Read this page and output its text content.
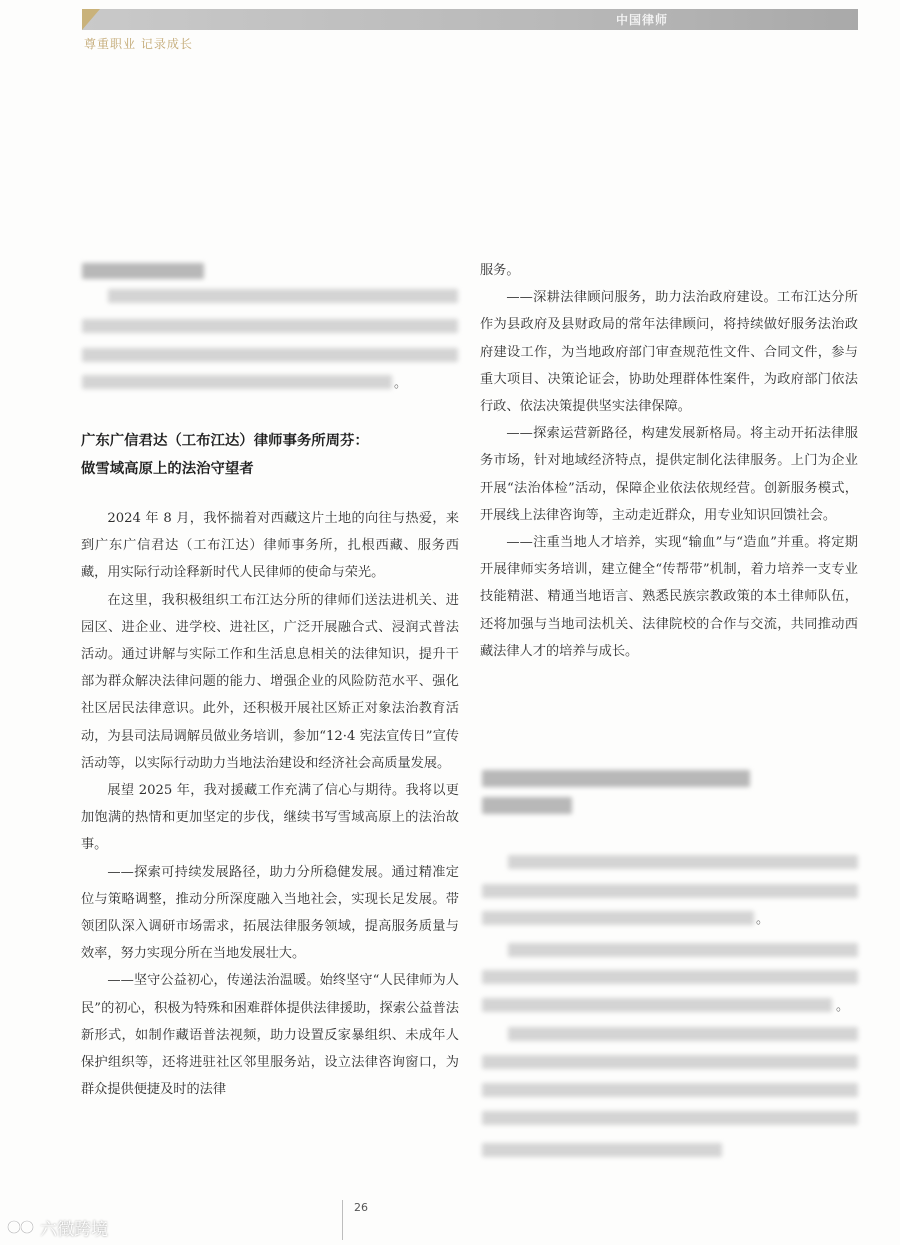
中国律师
尊重职业 记录成长
。
广东广信君达（工布江达）律师事务所周芬：
做雪域高原上的法治守望者

2024 年 8 月，我怀揣着对西藏这片土地的向往与热爱，来到广东广信君达（工布江达）律师事务所，扎根西藏、服务西藏，用实际行动诠释新时代人民律师的使命与荣光。

在这里，我积极组织工布江达分所的律师们送法进机关、进园区、进企业、进学校、进社区，广泛开展融合式、浸润式普法活动。通过讲解与实际工作和生活息息相关的法律知识，提升干部为群众解决法律问题的能力、增强企业的风险防范水平、强化社区居民法律意识。此外，还积极开展社区矫正对象法治教育活动，为县司法局调解员做业务培训，参加“12·4 宪法宣传日”宣传活动等，以实际行动助力当地法治建设和经济社会高质量发展。

展望 2025 年，我对援藏工作充满了信心与期待。我将以更加饱满的热情和更加坚定的步伐，继续书写雪域高原上的法治故事。

——探索可持续发展路径，助力分所稳健发展。通过精准定位与策略调整，推动分所深度融入当地社会，实现长足发展。带领团队深入调研市场需求，拓展法律服务领域，提高服务质量与效率，努力实现分所在当地发展壮大。

——坚守公益初心，传递法治温暖。始终坚守“人民律师为人民”的初心，积极为特殊和困难群体提供法律援助，探索公益普法新形式，如制作藏语普法视频，助力设置反家暴组织、未成年人保护组织等，还将进驻社区邻里服务站，设立法律咨询窗口，为群众提供便捷及时的法律

服务。

——深耕法律顾问服务，助力法治政府建设。工布江达分所作为县政府及县财政局的常年法律顾问，将持续做好服务法治政府建设工作，为当地政府部门审查规范性文件、合同文件，参与重大项目、决策论证会，协助处理群体性案件，为政府部门依法行政、依法决策提供坚实法律保障。

——探索运营新路径，构建发展新格局。将主动开拓法律服务市场，针对地域经济特点，提供定制化法律服务。上门为企业开展“法治体检”活动，保障企业依法依规经营。创新服务模式，开展线上法律咨询等，主动走近群众，用专业知识回馈社会。

——注重当地人才培养，实现“输血”与“造血”并重。将定期开展律师实务培训，建立健全“传帮带”机制，着力培养一支专业技能精湛、精通当地语言、熟悉民族宗教政策的本土律师队伍，还将加强与当地司法机关、法律院校的合作与交流，共同推动西藏法律人才的培养与成长。

。
。
26
六徵跨境
